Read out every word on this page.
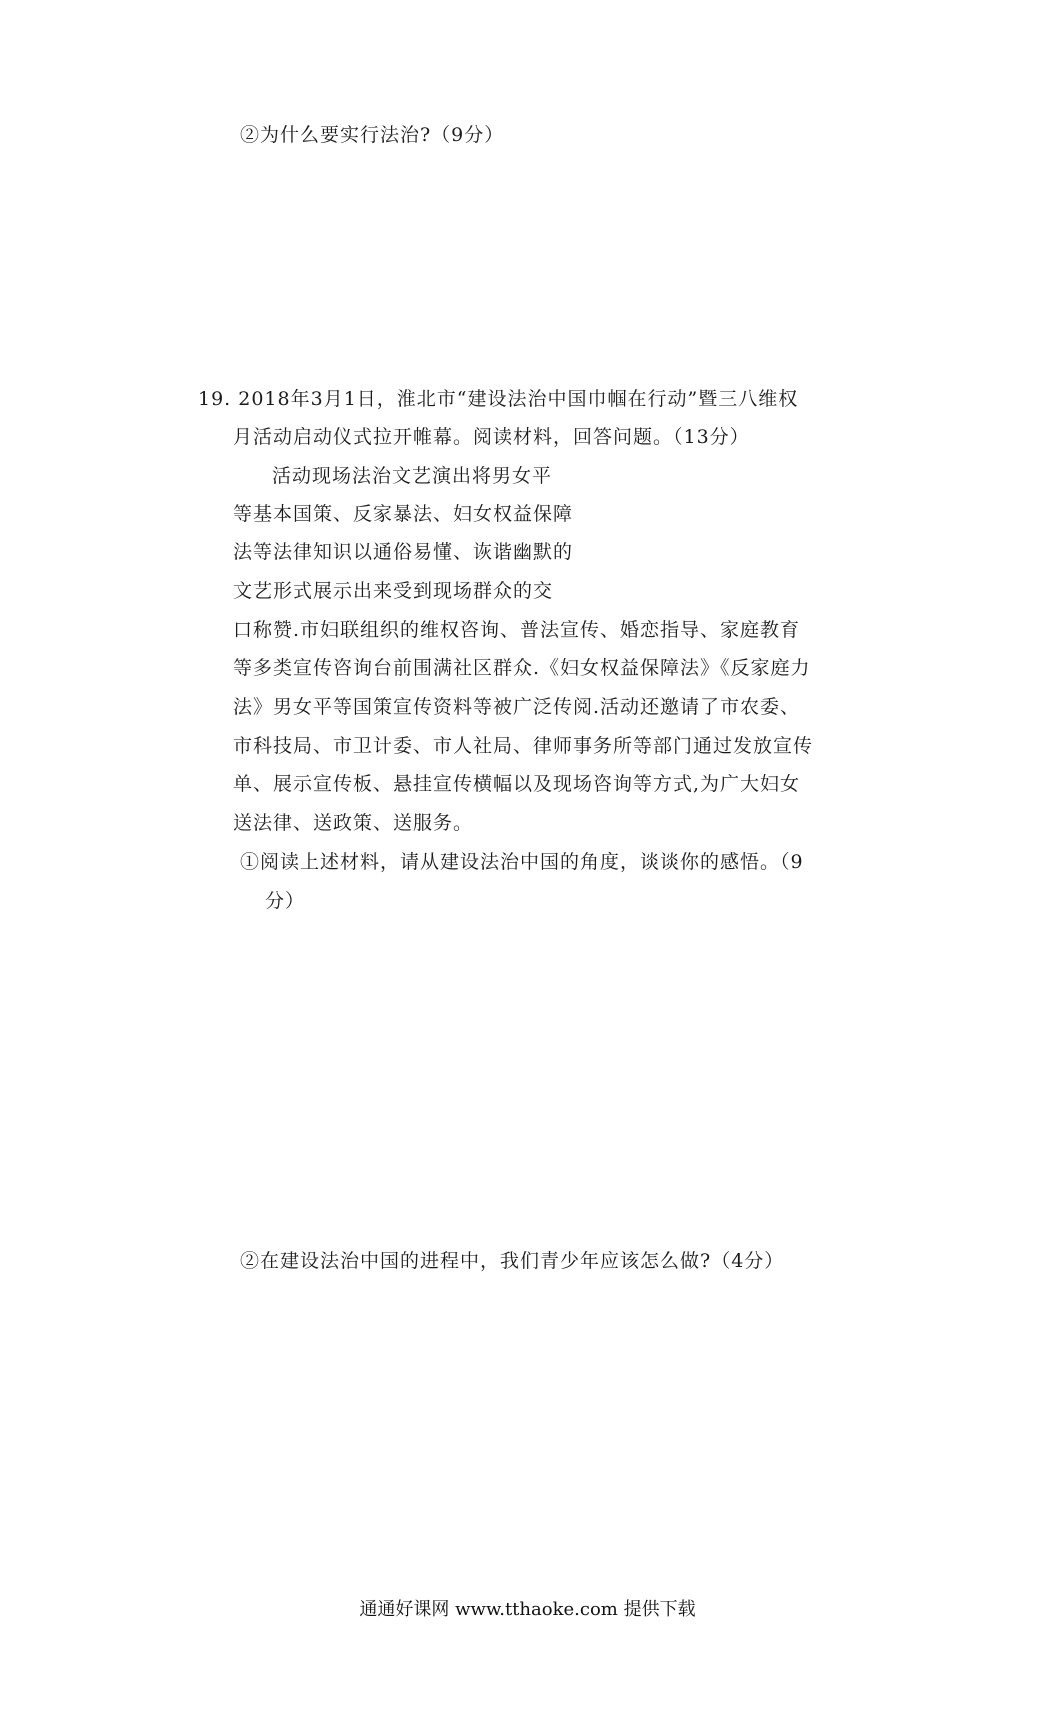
②为什么要实行法治?（9分）
19. 2018年3月1日，淮北市“建设法治中国巾帼在行动”暨三八维权
月活动启动仪式拉开帷幕。阅读材料，回答问题。（13分）
活动现场法治文艺演出将男女平
等基本国策、反家暴法、妇女权益保障
法等法律知识以通俗易懂、诙谐幽默的
文艺形式展示出来受到现场群众的交
口称赞.市妇联组织的维权咨询、普法宣传、婚恋指导、家庭教育
等多类宣传咨询台前围满社区群众.《妇女权益保障法》《反家庭力
法》男女平等国策宣传资料等被广泛传阅.活动还邀请了市农委、
市科技局、市卫计委、市人社局、律师事务所等部门通过发放宣传
单、展示宣传板、悬挂宣传横幅以及现场咨询等方式,为广大妇女
送法律、送政策、送服务。
①阅读上述材料，请从建设法治中国的角度，谈谈你的感悟。（9
分）
②在建设法治中国的进程中，我们青少年应该怎么做?（4分）
通通好课网 www.tthaoke.com 提供下载
